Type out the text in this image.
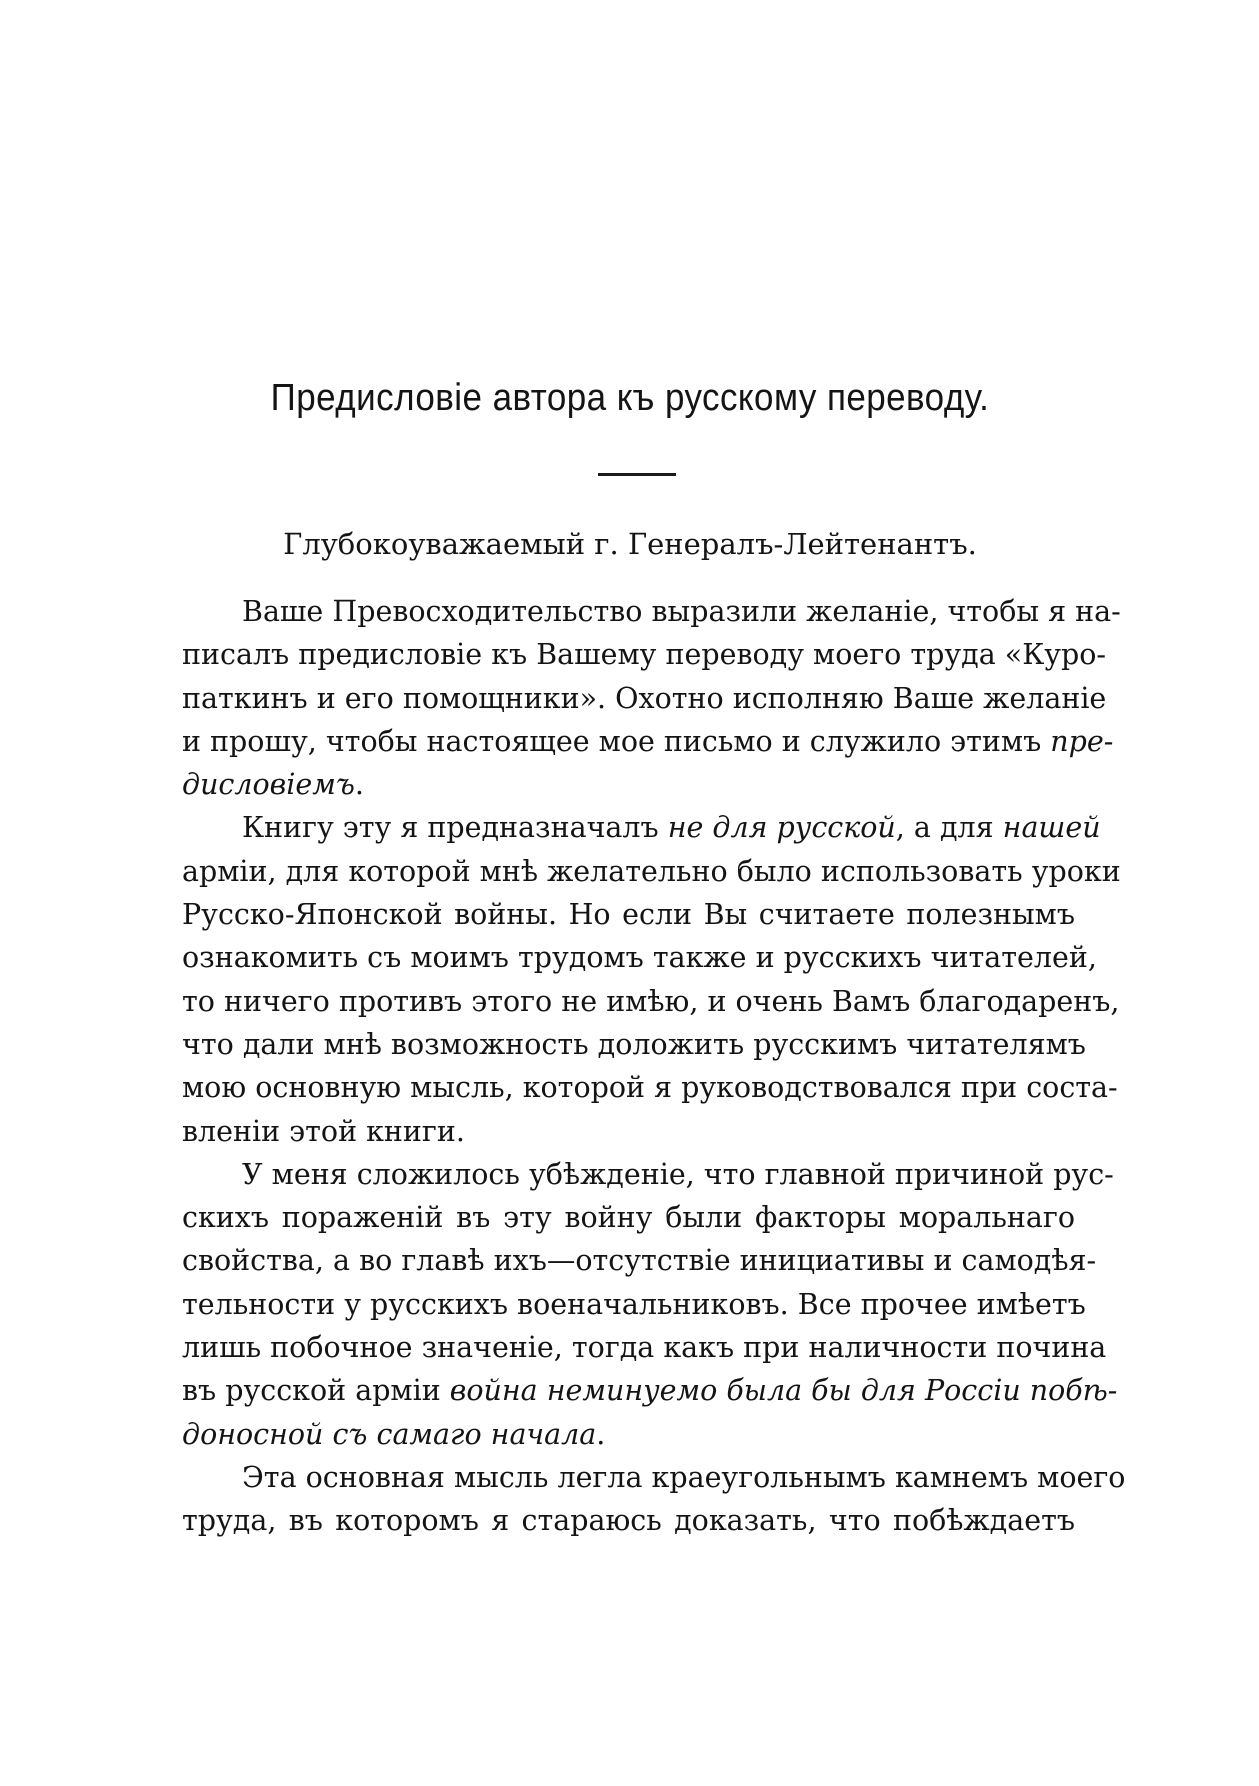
Предисловіе автора къ русскому переводу.
Глубокоуважаемый г. Генералъ-Лейтенантъ.
Ваше Превосходительство выразили желаніе, чтобы я на-
писалъ предисловіе къ Вашему переводу моего труда «Куро-
паткинъ и его помощники». Охотно исполняю Ваше желаніе
и прошу, чтобы настоящее мое письмо и служило этимъ пре-
дисловіемъ.
Книгу эту я предназначалъ не для русской, а для нашей
арміи, для которой мнѣ желательно было использовать уроки
Русско-Японской войны. Но если Вы считаете полезнымъ
ознакомить съ моимъ трудомъ также и русскихъ читателей,
то ничего противъ этого не имѣю, и очень Вамъ благодаренъ,
что дали мнѣ возможность доложить русскимъ читателямъ
мою основную мысль, которой я руководствовался при соста-
вленіи этой книги.
У меня сложилось убѣжденіе, что главной причиной рус-
скихъ пораженій въ эту войну были факторы моральнаго
свойства, а во главѣ ихъ—отсутствіе инициативы и самодѣя-
тельности у русскихъ военачальниковъ. Все прочее имѣетъ
лишь побочное значеніе, тогда какъ при наличности почина
въ русской арміи война неминуемо была бы для Россіи побѣ-
доносной съ самаго начала.
Эта основная мысль легла краеугольнымъ камнемъ моего
труда, въ которомъ я стараюсь доказать, что побѣждаетъ
